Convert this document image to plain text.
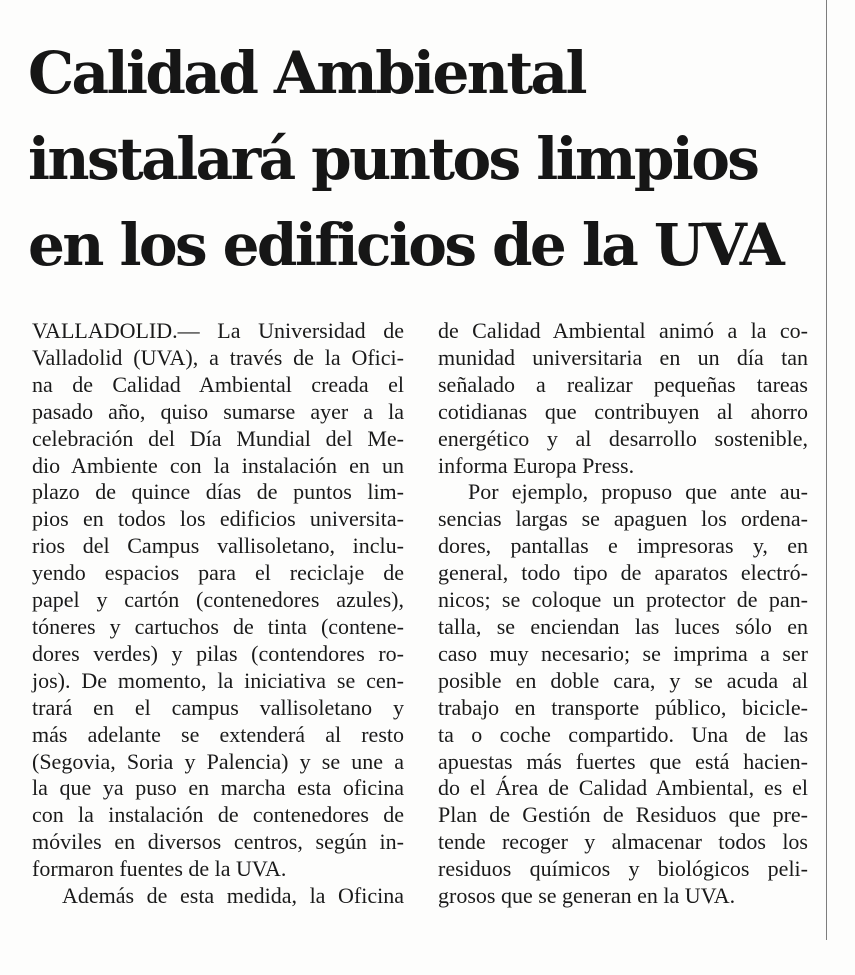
Calidad Ambiental
instalará puntos limpios
en los edificios de la UVA
VALLADOLID.— La Universidad de
Valladolid (UVA), a través de la Ofici-
na de Calidad Ambiental creada el
pasado año, quiso sumarse ayer a la
celebración del Día Mundial del Me-
dio Ambiente con la instalación en un
plazo de quince días de puntos lim-
pios en todos los edificios universita-
rios del Campus vallisoletano, inclu-
yendo espacios para el reciclaje de
papel y cartón (contenedores azules),
tóneres y cartuchos de tinta (contene-
dores verdes) y pilas (contendores ro-
jos). De momento, la iniciativa se cen-
trará en el campus vallisoletano y
más adelante se extenderá al resto
(Segovia, Soria y Palencia) y se une a
la que ya puso en marcha esta oficina
con la instalación de contenedores de
móviles en diversos centros, según in-
formaron fuentes de la UVA.
Además de esta medida, la Oficina
de Calidad Ambiental animó a la co-
munidad universitaria en un día tan
señalado a realizar pequeñas tareas
cotidianas que contribuyen al ahorro
energético y al desarrollo sostenible,
informa Europa Press.
Por ejemplo, propuso que ante au-
sencias largas se apaguen los ordena-
dores, pantallas e impresoras y, en
general, todo tipo de aparatos electró-
nicos; se coloque un protector de pan-
talla, se enciendan las luces sólo en
caso muy necesario; se imprima a ser
posible en doble cara, y se acuda al
trabajo en transporte público, bicicle-
ta o coche compartido. Una de las
apuestas más fuertes que está hacien-
do el Área de Calidad Ambiental, es el
Plan de Gestión de Residuos que pre-
tende recoger y almacenar todos los
residuos químicos y biológicos peli-
grosos que se generan en la UVA.
